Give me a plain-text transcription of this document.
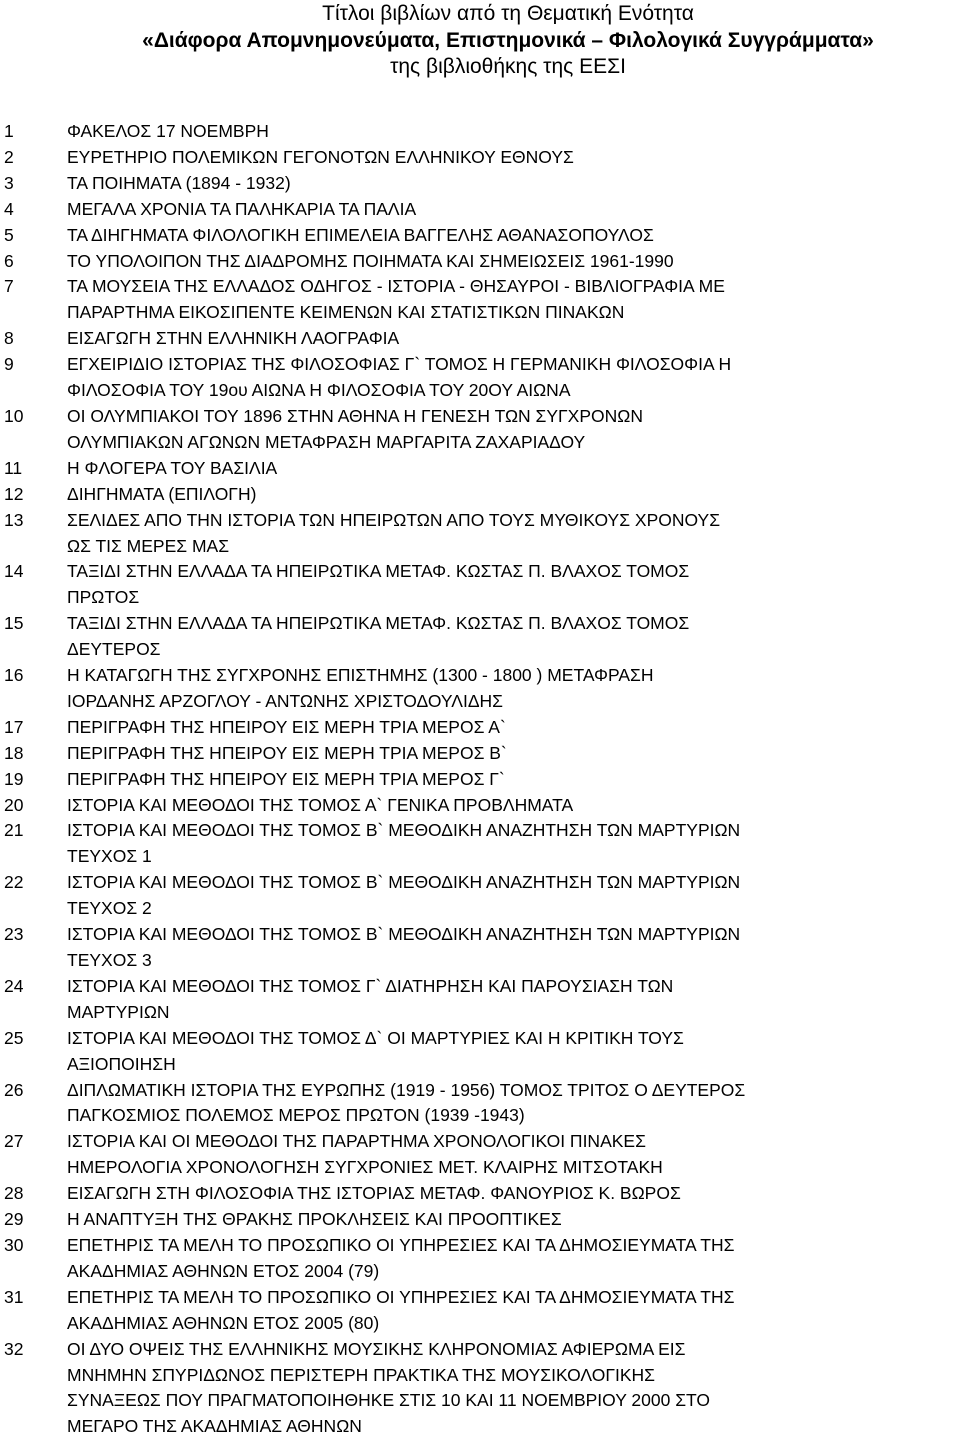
Τίτλοι βιβλίων από τη Θεματική Ενότητα
«Διάφορα Απομνημονεύματα, Επιστημονικά – Φιλολογικά Συγγράμματα»
της βιβλιοθήκης της ΕΕΣΙ
1	ΦΑΚΕΛΟΣ 17 ΝΟΕΜΒΡΗ
2	ΕΥΡΕΤΗΡΙΟ ΠΟΛΕΜΙΚΩΝ ΓΕΓΟΝΟΤΩΝ ΕΛΛΗΝΙΚΟΥ ΕΘΝΟΥΣ
3	ΤΑ ΠΟΙΗΜΑΤΑ (1894 - 1932)
4	ΜΕΓΑΛΑ ΧΡΟΝΙΑ ΤΑ ΠΑΛΗΚΑΡΙΑ ΤΑ ΠΑΛΙΑ
5	ΤΑ ΔΙΗΓΗΜΑΤΑ ΦΙΛΟΛΟΓΙΚΗ ΕΠΙΜΕΛΕΙΑ ΒΑΓΓΕΛΗΣ ΑΘΑΝΑΣΟΠΟΥΛΟΣ
6	ΤΟ ΥΠΟΛΟΙΠΟΝ ΤΗΣ ΔΙΑΔΡΟΜΗΣ ΠΟΙΗΜΑΤΑ ΚΑΙ ΣΗΜΕΙΩΣΕΙΣ 1961-1990
7	ΤΑ ΜΟΥΣΕΙΑ ΤΗΣ ΕΛΛΑΔΟΣ ΟΔΗΓΟΣ - ΙΣΤΟΡΙΑ - ΘΗΣΑΥΡΟΙ - ΒΙΒΛΙΟΓΡΑΦΙΑ ΜΕ
ΠΑΡΑΡΤΗΜΑ ΕΙΚΟΣΙΠΕΝΤΕ ΚΕΙΜΕΝΩΝ ΚΑΙ ΣΤΑΤΙΣΤΙΚΩΝ ΠΙΝΑΚΩΝ
8	ΕΙΣΑΓΩΓΗ ΣΤΗΝ ΕΛΛΗΝΙΚΗ ΛΑΟΓΡΑΦΙΑ
9	ΕΓΧΕΙΡΙΔΙΟ ΙΣΤΟΡΙΑΣ ΤΗΣ ΦΙΛΟΣΟΦΙΑΣ Γ` ΤΟΜΟΣ Η ΓΕΡΜΑΝΙΚΗ ΦΙΛΟΣΟΦΙΑ Η
ΦΙΛΟΣΟΦΙΑ ΤΟΥ 19ου ΑΙΩΝΑ Η ΦΙΛΟΣΟΦΙΑ ΤΟΥ 20ΟΥ ΑΙΩΝΑ
10	ΟΙ ΟΛΥΜΠΙΑΚΟΙ ΤΟΥ 1896 ΣΤΗΝ ΑΘΗΝΑ Η ΓΕΝΕΣΗ ΤΩΝ ΣΥΓΧΡΟΝΩΝ
ΟΛΥΜΠΙΑΚΩΝ ΑΓΩΝΩΝ ΜΕΤΑΦΡΑΣΗ ΜΑΡΓΑΡΙΤΑ ΖΑΧΑΡΙΑΔΟΥ
11	Η ΦΛΟΓΕΡΑ ΤΟΥ ΒΑΣΙΛΙΑ
12	ΔΙΗΓΗΜΑΤΑ (ΕΠΙΛΟΓΗ)
13	ΣΕΛΙΔΕΣ ΑΠΟ ΤΗΝ ΙΣΤΟΡΙΑ ΤΩΝ ΗΠΕΙΡΩΤΩΝ ΑΠΟ ΤΟΥΣ ΜΥΘΙΚΟΥΣ ΧΡΟΝΟΥΣ
ΩΣ ΤΙΣ ΜΕΡΕΣ ΜΑΣ
14	ΤΑΞΙΔΙ ΣΤΗΝ ΕΛΛΑΔΑ ΤΑ ΗΠΕΙΡΩΤΙΚΑ ΜΕΤΑΦ. ΚΩΣΤΑΣ Π. ΒΛΑΧΟΣ ΤΟΜΟΣ
ΠΡΩΤΟΣ
15	ΤΑΞΙΔΙ ΣΤΗΝ ΕΛΛΑΔΑ ΤΑ ΗΠΕΙΡΩΤΙΚΑ ΜΕΤΑΦ. ΚΩΣΤΑΣ Π. ΒΛΑΧΟΣ ΤΟΜΟΣ
ΔΕΥΤΕΡΟΣ
16	Η ΚΑΤΑΓΩΓΗ ΤΗΣ ΣΥΓΧΡΟΝΗΣ ΕΠΙΣΤΗΜΗΣ (1300 - 1800 ) ΜΕΤΑΦΡΑΣΗ
ΙΟΡΔΑΝΗΣ ΑΡΖΟΓΛΟΥ - ΑΝΤΩΝΗΣ ΧΡΙΣΤΟΔΟΥΛΙΔΗΣ
17	ΠΕΡΙΓΡΑΦΗ ΤΗΣ ΗΠΕΙΡΟΥ ΕΙΣ ΜΕΡΗ ΤΡΙΑ ΜΕΡΟΣ Α`
18	ΠΕΡΙΓΡΑΦΗ ΤΗΣ ΗΠΕΙΡΟΥ ΕΙΣ ΜΕΡΗ ΤΡΙΑ ΜΕΡΟΣ Β`
19	ΠΕΡΙΓΡΑΦΗ ΤΗΣ ΗΠΕΙΡΟΥ ΕΙΣ ΜΕΡΗ ΤΡΙΑ ΜΕΡΟΣ Γ`
20	ΙΣΤΟΡΙΑ ΚΑΙ ΜΕΘΟΔΟΙ ΤΗΣ ΤΟΜΟΣ Α` ΓΕΝΙΚΑ ΠΡΟΒΛΗΜΑΤΑ
21	ΙΣΤΟΡΙΑ ΚΑΙ ΜΕΘΟΔΟΙ ΤΗΣ ΤΟΜΟΣ Β` ΜΕΘΟΔΙΚΗ ΑΝΑΖΗΤΗΣΗ ΤΩΝ ΜΑΡΤΥΡΙΩΝ
ΤΕΥΧΟΣ 1
22	ΙΣΤΟΡΙΑ ΚΑΙ ΜΕΘΟΔΟΙ ΤΗΣ ΤΟΜΟΣ Β` ΜΕΘΟΔΙΚΗ ΑΝΑΖΗΤΗΣΗ ΤΩΝ ΜΑΡΤΥΡΙΩΝ
ΤΕΥΧΟΣ 2
23	ΙΣΤΟΡΙΑ ΚΑΙ ΜΕΘΟΔΟΙ ΤΗΣ ΤΟΜΟΣ Β` ΜΕΘΟΔΙΚΗ ΑΝΑΖΗΤΗΣΗ ΤΩΝ ΜΑΡΤΥΡΙΩΝ
ΤΕΥΧΟΣ 3
24	ΙΣΤΟΡΙΑ ΚΑΙ ΜΕΘΟΔΟΙ ΤΗΣ ΤΟΜΟΣ Γ` ΔΙΑΤΗΡΗΣΗ ΚΑΙ ΠΑΡΟΥΣΙΑΣΗ ΤΩΝ
ΜΑΡΤΥΡΙΩΝ
25	ΙΣΤΟΡΙΑ ΚΑΙ ΜΕΘΟΔΟΙ ΤΗΣ ΤΟΜΟΣ Δ` ΟΙ ΜΑΡΤΥΡΙΕΣ ΚΑΙ Η ΚΡΙΤΙΚΗ ΤΟΥΣ
ΑΞΙΟΠΟΙΗΣΗ
26	ΔΙΠΛΩΜΑΤΙΚΗ ΙΣΤΟΡΙΑ ΤΗΣ ΕΥΡΩΠΗΣ (1919 - 1956) ΤΟΜΟΣ ΤΡΙΤΟΣ Ο ΔΕΥΤΕΡΟΣ
ΠΑΓΚΟΣΜΙΟΣ ΠΟΛΕΜΟΣ ΜΕΡΟΣ ΠΡΩΤΟΝ (1939 -1943)
27	ΙΣΤΟΡΙΑ ΚΑΙ ΟΙ ΜΕΘΟΔΟΙ ΤΗΣ ΠΑΡΑΡΤΗΜΑ ΧΡΟΝΟΛΟΓΙΚΟΙ ΠΙΝΑΚΕΣ
ΗΜΕΡΟΛΟΓΙΑ ΧΡΟΝΟΛΟΓΗΣΗ ΣΥΓΧΡΟΝΙΕΣ ΜΕΤ. ΚΛΑΙΡΗΣ ΜΙΤΣΟΤΑΚΗ
28	ΕΙΣΑΓΩΓΗ ΣΤΗ ΦΙΛΟΣΟΦΙΑ ΤΗΣ ΙΣΤΟΡΙΑΣ ΜΕΤΑΦ. ΦΑΝΟΥΡΙΟΣ Κ. ΒΩΡΟΣ
29	Η ΑΝΑΠΤΥΞΗ ΤΗΣ ΘΡΑΚΗΣ ΠΡΟΚΛΗΣΕΙΣ ΚΑΙ ΠΡΟΟΠΤΙΚΕΣ
30	ΕΠΕΤΗΡΙΣ ΤΑ ΜΕΛΗ ΤΟ ΠΡΟΣΩΠΙΚΟ ΟΙ ΥΠΗΡΕΣΙΕΣ ΚΑΙ ΤΑ ΔΗΜΟΣΙΕΥΜΑΤΑ ΤΗΣ
ΑΚΑΔΗΜΙΑΣ ΑΘΗΝΩΝ ΕΤΟΣ 2004 (79)
31	ΕΠΕΤΗΡΙΣ ΤΑ ΜΕΛΗ ΤΟ ΠΡΟΣΩΠΙΚΟ ΟΙ ΥΠΗΡΕΣΙΕΣ ΚΑΙ ΤΑ ΔΗΜΟΣΙΕΥΜΑΤΑ ΤΗΣ
ΑΚΑΔΗΜΙΑΣ ΑΘΗΝΩΝ ΕΤΟΣ 2005 (80)
32	ΟΙ ΔΥΟ ΟΨΕΙΣ ΤΗΣ ΕΛΛΗΝΙΚΗΣ ΜΟΥΣΙΚΗΣ ΚΛΗΡΟΝΟΜΙΑΣ ΑΦΙΕΡΩΜΑ ΕΙΣ
ΜΝΗΜΗΝ ΣΠΥΡΙΔΩΝΟΣ ΠΕΡΙΣΤΕΡΗ ΠΡΑΚΤΙΚΑ ΤΗΣ ΜΟΥΣΙΚΟΛΟΓΙΚΗΣ
ΣΥΝΑΞΕΩΣ ΠΟΥ ΠΡΑΓΜΑΤΟΠΟΙΗΘΗΚΕ ΣΤΙΣ 10 ΚΑΙ 11 ΝΟΕΜΒΡΙΟΥ 2000 ΣΤΟ
ΜΕΓΑΡΟ ΤΗΣ ΑΚΑΔΗΜΙΑΣ ΑΘΗΝΩΝ
